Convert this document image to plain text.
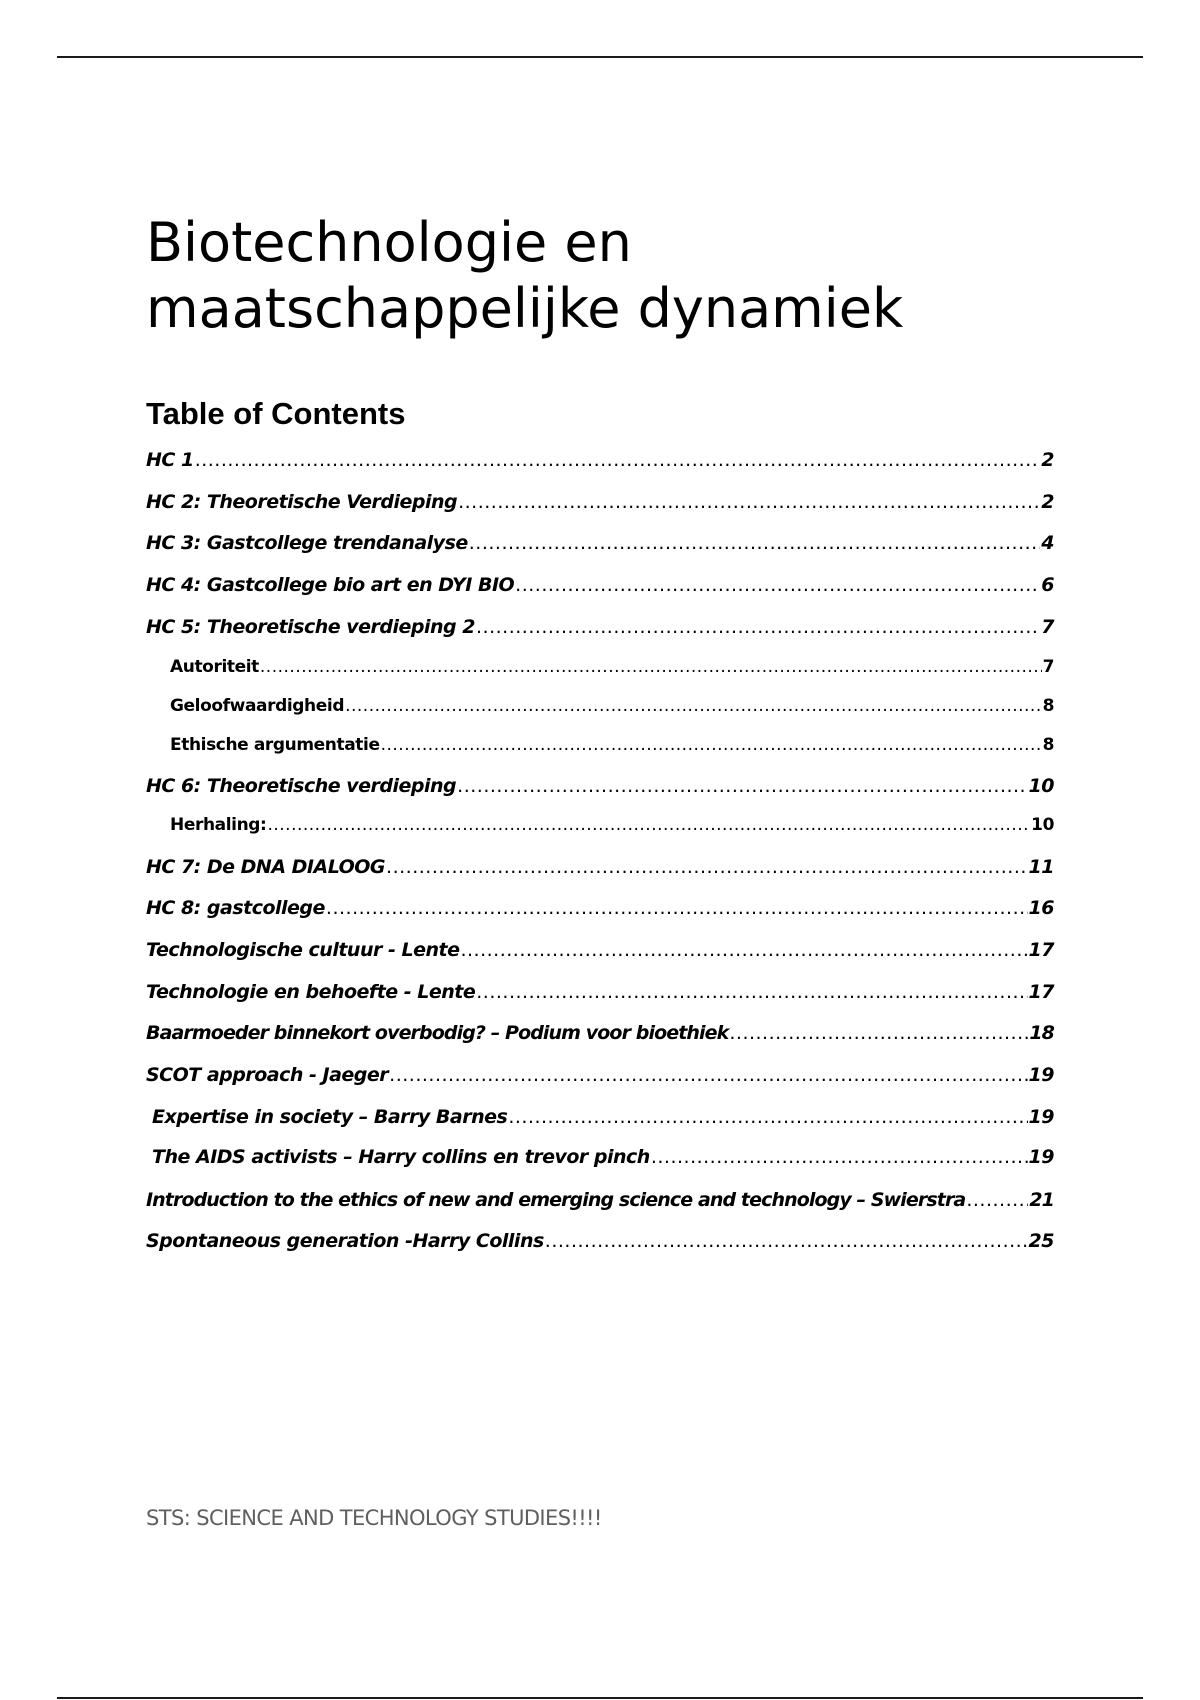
Biotechnologie en maatschappelijke dynamiek
Table of Contents
HC 1 .....	2
HC 2: Theoretische Verdieping .....	2
HC 3: Gastcollege trendanalyse .....	4
HC 4: Gastcollege bio art en DYI BIO .....	6
HC 5: Theoretische verdieping 2 .....	7
Autoriteit .....	7
Geloofwaardigheid .....	8
Ethische argumentatie .....	8
HC 6: Theoretische verdieping .....	10
Herhaling: .....	10
HC 7: De DNA DIALOOG .....	11
HC 8: gastcollege .....	16
Technologische cultuur - Lente .....	17
Technologie en behoefte - Lente .....	17
Baarmoeder binnekort overbodig? – Podium voor bioethiek .....	18
SCOT approach - Jaeger .....	19
Expertise in society – Barry Barnes .....	19
The AIDS activists – Harry collins en trevor pinch .....	19
Introduction to the ethics of new and emerging science and technology – Swierstra .....	21
Spontaneous generation -Harry Collins .....	25
STS: SCIENCE AND TECHNOLOGY STUDIES!!!!
